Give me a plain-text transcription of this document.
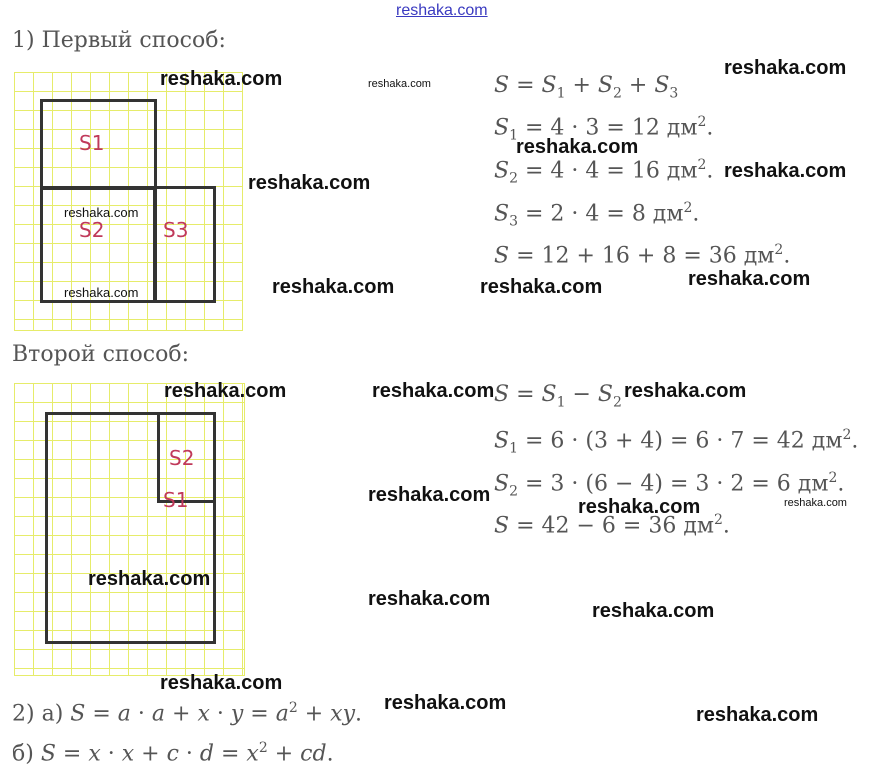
reshaka.com
1) Первый способ:
S1
S2	S3
$S = S_1 + S_2 + S_3$
$S_1 = 4 \cdot 3 = 12$ $дм^2$.
$S_2 = 4 \cdot 4 = 16$ $дм^2$.
$S_3 = 2 \cdot 4 = 8$ $дм^2$.
S = 12 + 16 + 8 = 36 $дм^2$.
Второй способ:
S2
S1
$S = S_1 - S_2$
$S_1 = 6 \cdot (3 + 4) = 6 \cdot 7 = 42$ $дм^2$.
$S_2 = 3 \cdot (6 - 4) = 3 \cdot 2 = 6$ $дм^2$.
S = 42 − 6 = 36 $дм^2$.
2) а) $S = a \cdot a + x \cdot y = a^2$ + xy.
б) $S = x \cdot x + c \cdot d = x^2$ + cd.
reshaka.com	reshaka.com
reshaka.com
reshaka.com
reshaka.com
reshaka.com
reshaka.com
reshaka.com
reshaka.com	reshaka.com
reshaka.com
reshaka.com	reshaka.com	reshaka.com
reshaka.com
reshaka.com	reshaka.com
reshaka.com
reshaka.com
reshaka.com
reshaka.com
reshaka.com
reshaka.com
